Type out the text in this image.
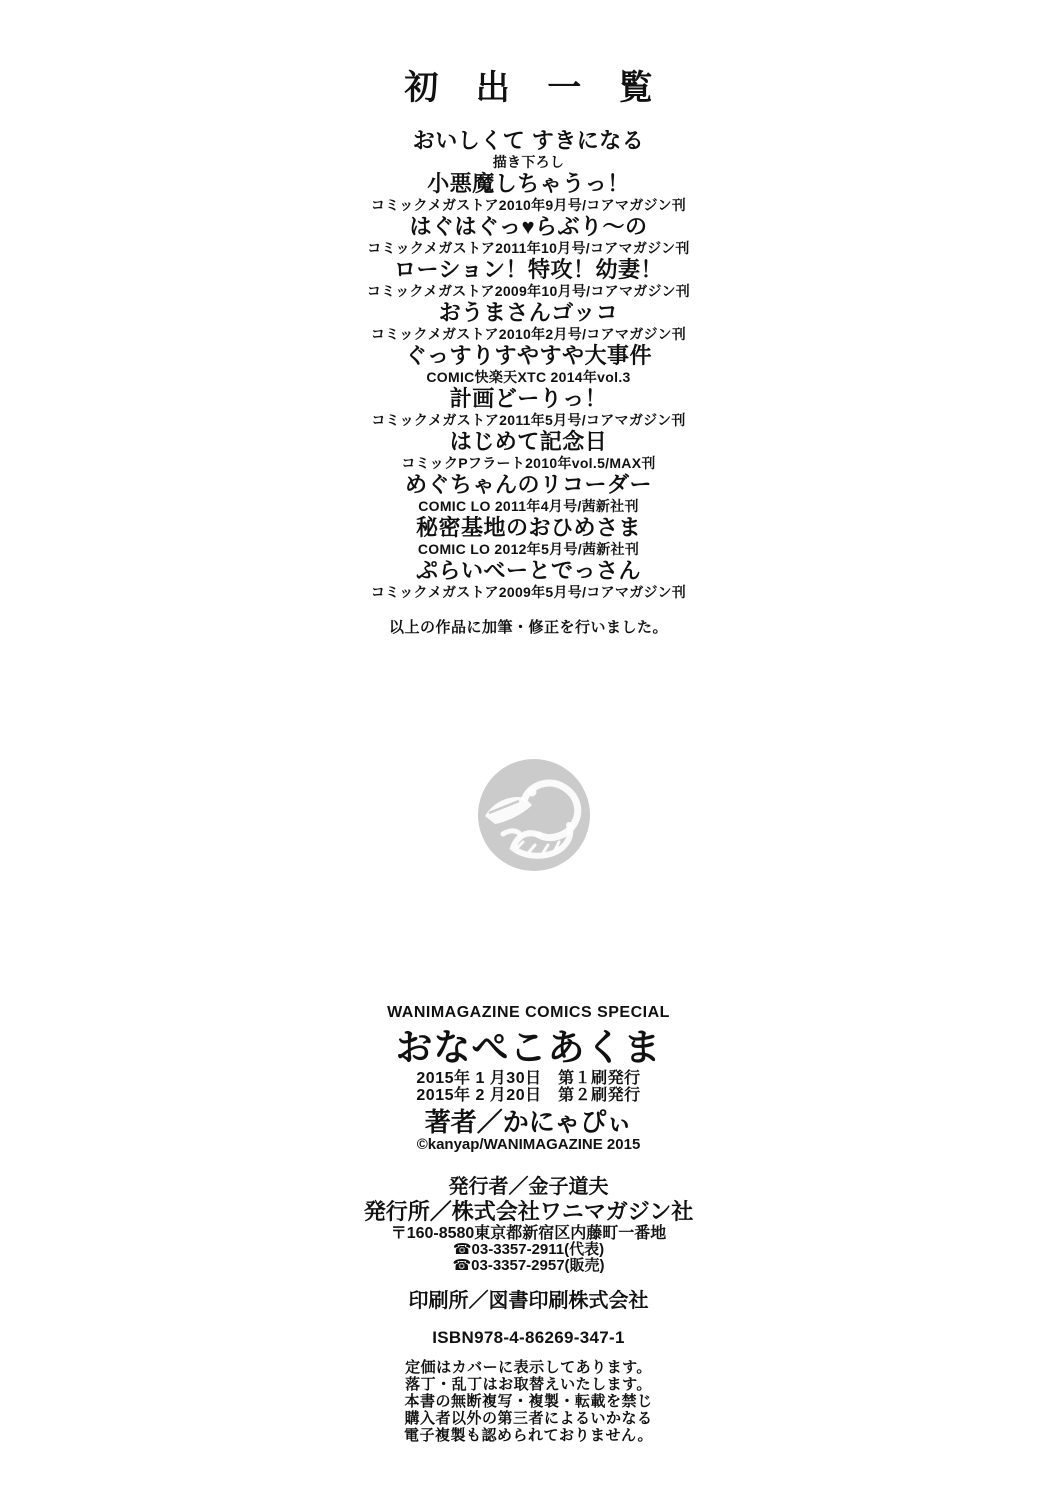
初 出 一 覧
おいしくて すきになる
描き下ろし
小悪魔しちゃうっ！
コミックメガストア2010年9月号/コアマガジン刊
はぐはぐっ♥らぶり～の
コミックメガストア2011年10月号/コアマガジン刊
ローション！特攻！幼妻！
コミックメガストア2009年10月号/コアマガジン刊
おうまさんゴッコ
コミックメガストア2010年2月号/コアマガジン刊
ぐっすりすやすや大事件
COMIC快楽天XTC 2014年vol.3
計画どーりっ！
コミックメガストア2011年5月号/コアマガジン刊
はじめて記念日
コミックPフラート2010年vol.5/MAX刊
めぐちゃんのリコーダー
COMIC LO 2011年4月号/茜新社刊
秘密基地のおひめさま
COMIC LO 2012年5月号/茜新社刊
ぷらいべーとでっさん
コミックメガストア2009年5月号/コアマガジン刊

以上の作品に加筆・修正を行いました。

WANIMAGAZINE COMICS SPECIAL
おなぺこあくま
2015年 1 月30日　第１刷発行
2015年 2 月20日　第２刷発行
著者／かにゃぴぃ
©kanyap/WANIMAGAZINE 2015
発行者／金子道夫
発行所／株式会社ワニマガジン社
〒160-8580東京都新宿区内藤町一番地
☎03-3357-2911(代表)
☎03-3357-2957(販売)
印刷所／図書印刷株式会社
ISBN978-4-86269-347-1
定価はカバーに表示してあります。
落丁・乱丁はお取替えいたします。
本書の無断複写・複製・転載を禁じ
購入者以外の第三者によるいかなる
電子複製も認められておりません。
